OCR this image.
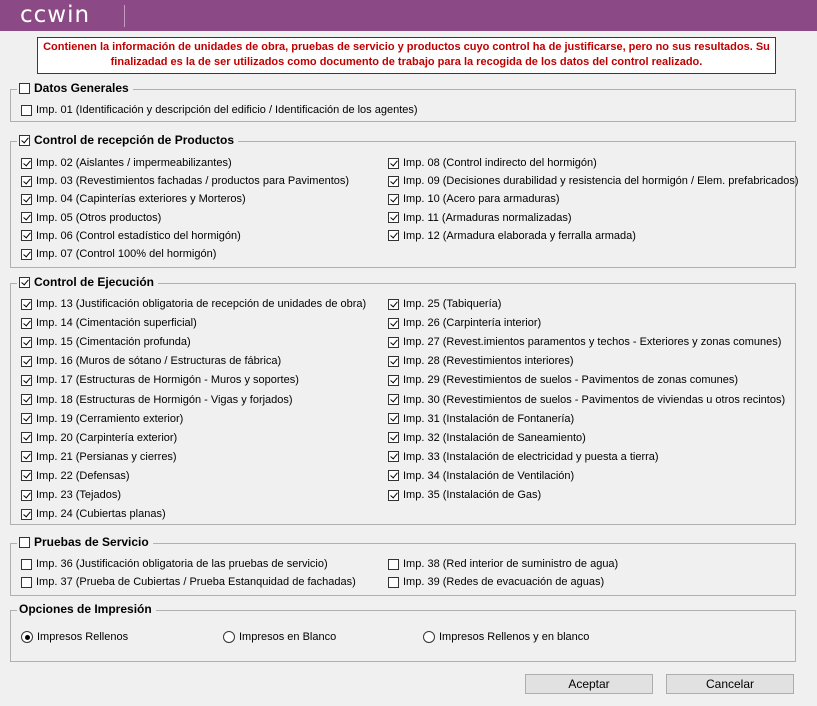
ccwin
Contienen la información de unidades de obra, pruebas de servicio y productos cuyo control ha de justificarse, pero no sus resultados. Su finalizadad es la de ser utilizados como documento de trabajo para la recogida de los datos del control realizado.
Datos Generales
Imp. 01 (Identificación y descripción del edificio / Identificación de los agentes)
Control de recepción de Productos
Imp. 02 (Aislantes / impermeabilizantes)
Imp. 03 (Revestimientos fachadas / productos para Pavimentos)
Imp. 04 (Capinterías exteriores y Morteros)
Imp. 05 (Otros productos)
Imp. 06 (Control estadístico del hormigón)
Imp. 07 (Control 100% del hormigón)
Imp. 08 (Control indirecto del hormigón)
Imp. 09 (Decisiones durabilidad y resistencia del hormigón / Elem. prefabricados)
Imp. 10 (Acero para armaduras)
Imp. 11 (Armaduras normalizadas)
Imp. 12 (Armadura elaborada y ferralla armada)
Control de Ejecución
Imp. 13 (Justificación obligatoria de recepción de unidades de obra)
Imp. 14 (Cimentación superficial)
Imp. 15 (Cimentación profunda)
Imp. 16 (Muros de sótano / Estructuras de fábrica)
Imp. 17 (Estructuras de Hormigón - Muros y soportes)
Imp. 18 (Estructuras de Hormigón - Vigas y forjados)
Imp. 19 (Cerramiento exterior)
Imp. 20 (Carpintería exterior)
Imp. 21 (Persianas y cierres)
Imp. 22 (Defensas)
Imp. 23 (Tejados)
Imp. 24 (Cubiertas planas)
Imp. 25 (Tabiquería)
Imp. 26 (Carpintería interior)
Imp. 27 (Revest.imientos paramentos y techos - Exteriores y zonas comunes)
Imp. 28 (Revestimientos interiores)
Imp. 29 (Revestimientos de suelos - Pavimentos de zonas comunes)
Imp. 30 (Revestimientos de suelos - Pavimentos de viviendas u otros recintos)
Imp. 31 (Instalación de Fontanería)
Imp. 32 (Instalación de Saneamiento)
Imp. 33 (Instalación de electricidad y puesta a tierra)
Imp. 34 (Instalación de Ventilación)
Imp. 35 (Instalación de Gas)
Pruebas de Servicio
Imp. 36 (Justificación obligatoria de las pruebas de servicio)
Imp. 37 (Prueba de Cubiertas / Prueba Estanquidad de fachadas)
Imp. 38 (Red interior de suministro de agua)
Imp. 39 (Redes de evacuación de aguas)
Opciones de Impresión
Impresos Rellenos	Impresos en Blanco	Impresos Rellenos y en blanco
Aceptar	Cancelar
